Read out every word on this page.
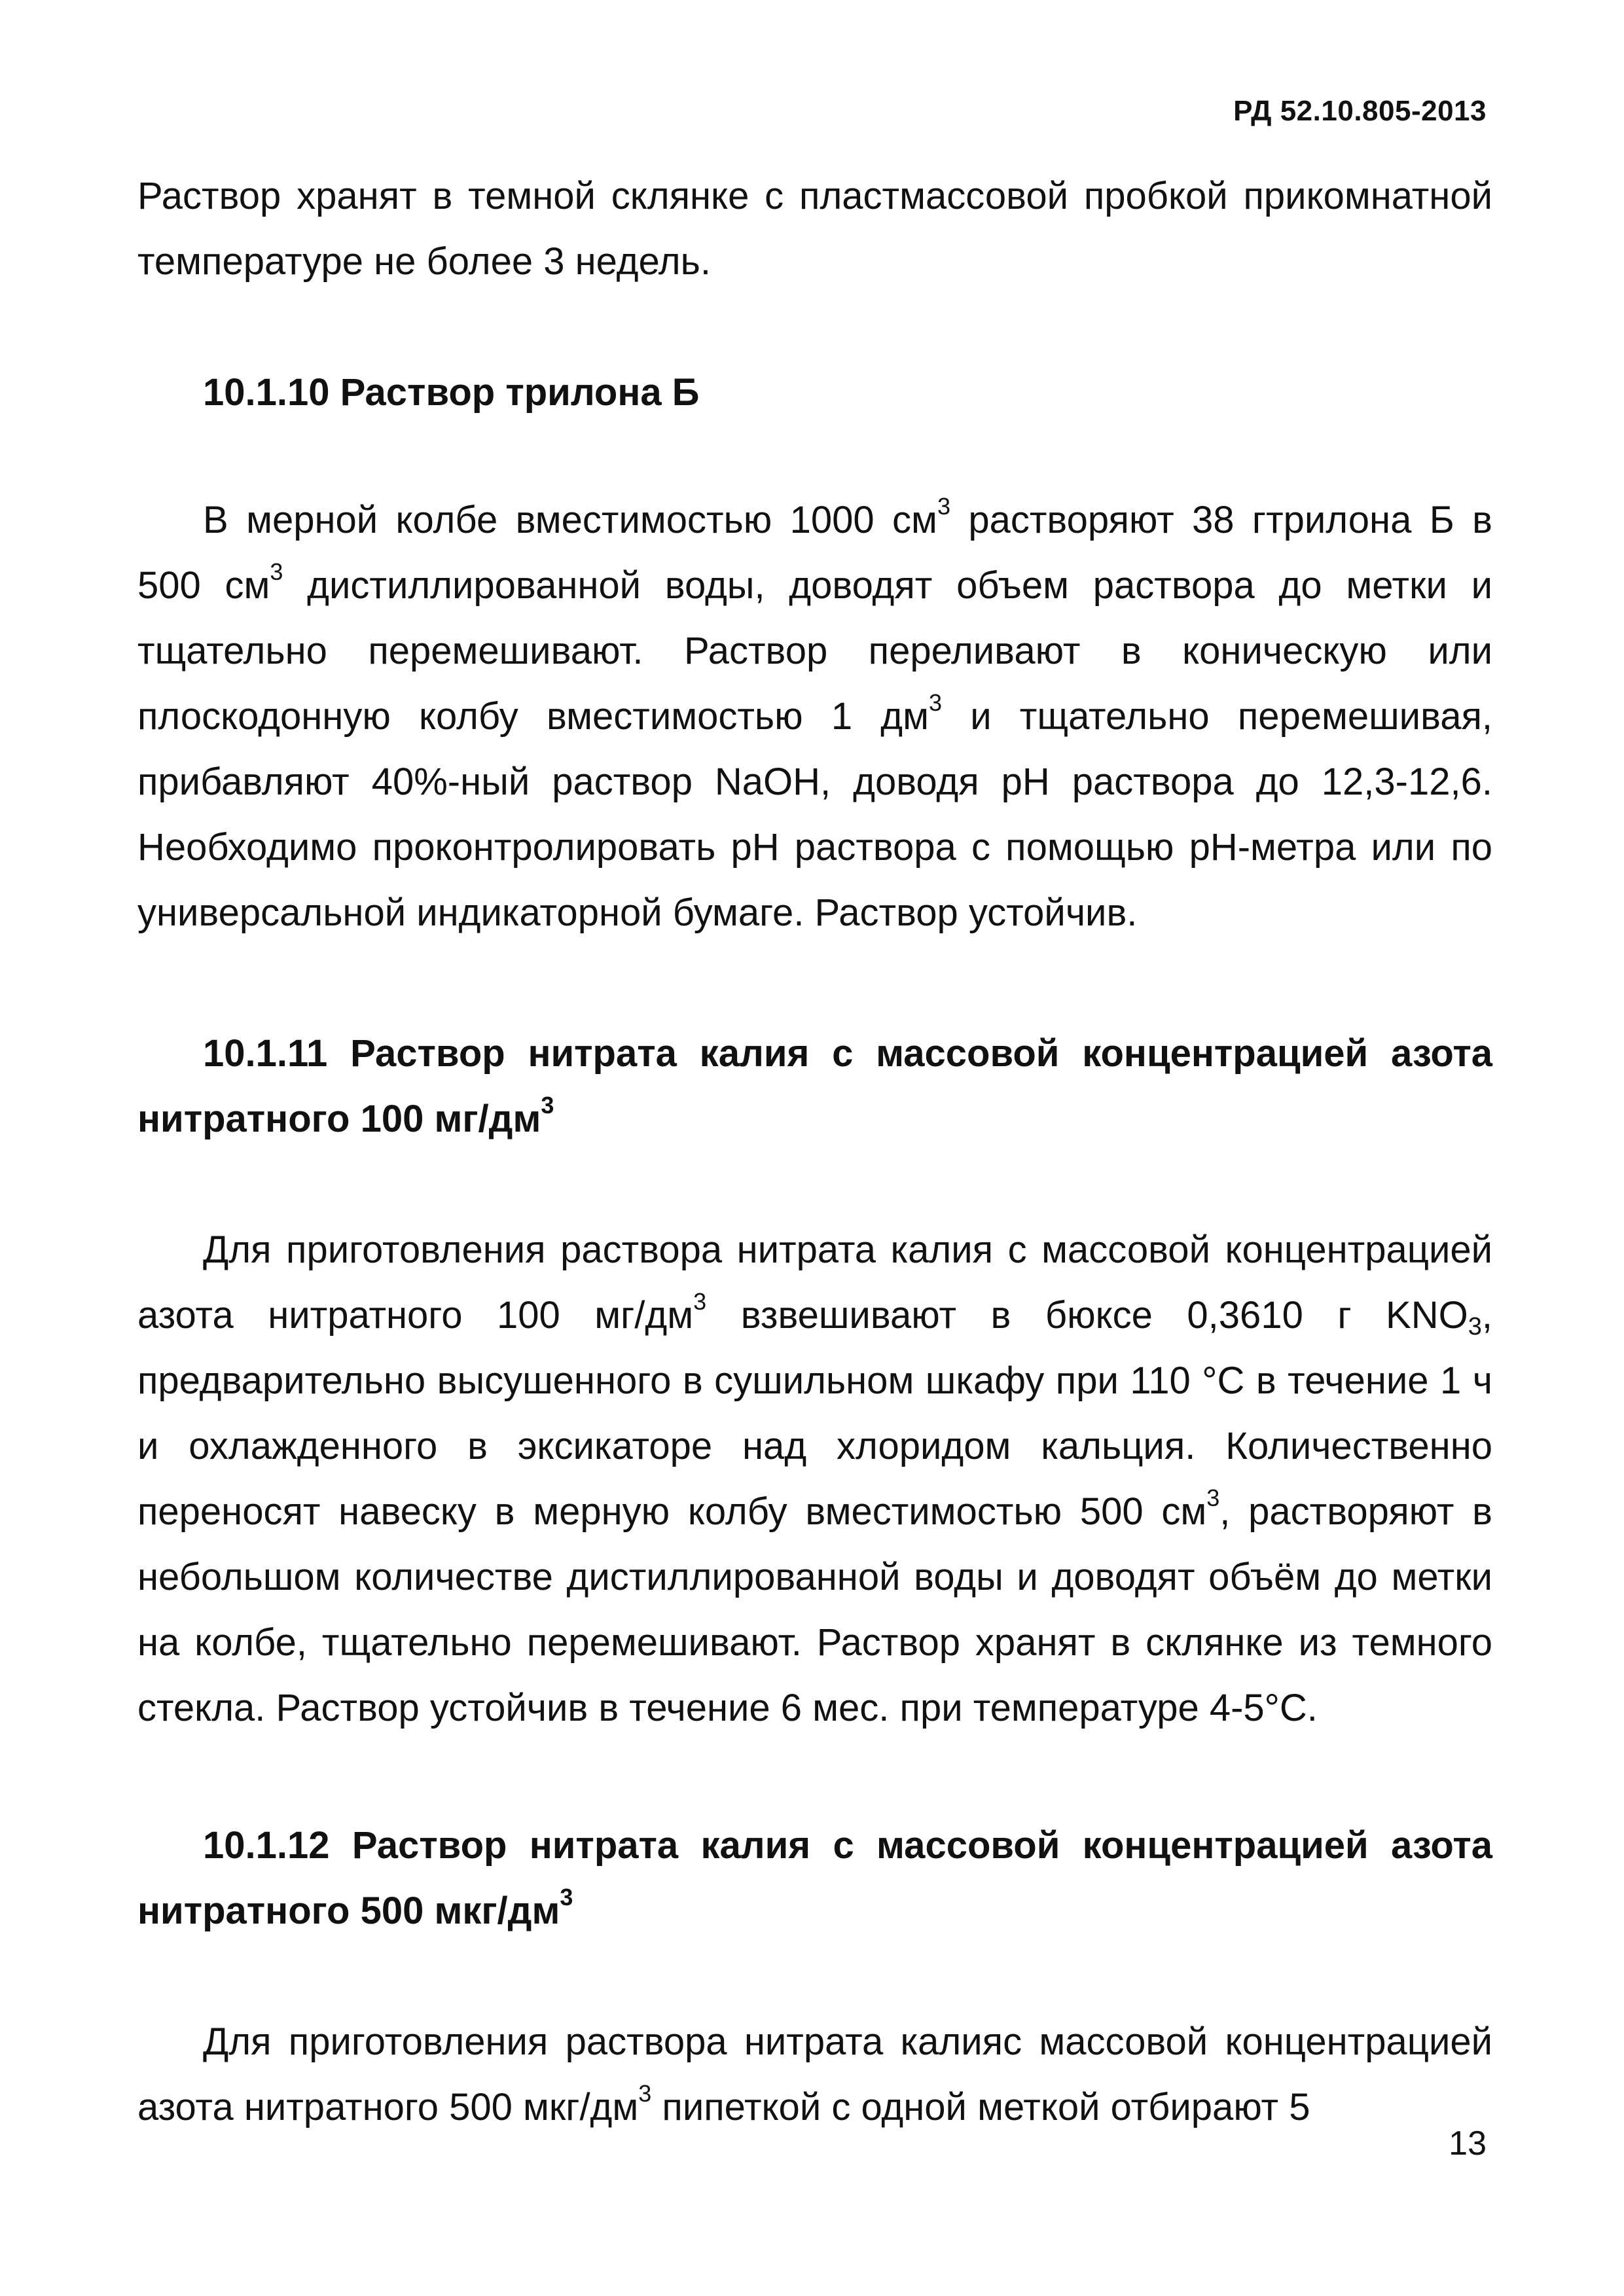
РД 52.10.805-2013

Раствор хранят в темной склянке с пластмассовой пробкой прикомнатной температуре не более 3 недель.

10.1.10 Раствор трилона Б

В мерной колбе вместимостью 1000 $см^3$ растворяют 38 гтрилона Б в 500 $см^3$ дистиллированной воды, доводят объем раствора до метки и тщательно перемешивают. Раствор переливают в коническую или плоскодонную колбу вместимостью 1 $дм^3$ и тщательно перемешивая, прибавляют 40%-ный раствор NaOH, доводя pH раствора до 12,3-12,6. Необходимо проконтролировать pH раствора с помощью pH-метра или по универсальной индикаторной бумаге. Раствор устойчив.

10.1.11 Раствор нитрата калия с массовой концентрацией азота нитратного 100 $мг/дм^3$

Для приготовления раствора нитрата калия с массовой концентрацией азота нитратного 100 $мг/дм^3$ взвешивают в бюксе 0,3610 г $KNO_3$, предварительно высушенного в сушильном шкафу при 110 °С в течение 1 ч и охлажденного в эксикаторе над хлоридом кальция. Количественно переносят навеску в мерную колбу вместимостью 500 $см^3$, растворяют в небольшом количестве дистиллированной воды и доводят объём до метки на колбе, тщательно перемешивают. Раствор хранят в склянке из темного стекла. Раствор устойчив в течение 6 мес. при температуре 4-5°С.

10.1.12 Раствор нитрата калия с массовой концентрацией азота нитратного 500 мкг/$дм^3$

Для приготовления раствора нитрата калияс массовой концентрацией азота нитратного 500 мкг/$дм^3$ пипеткой с одной меткой отбирают 5

13
